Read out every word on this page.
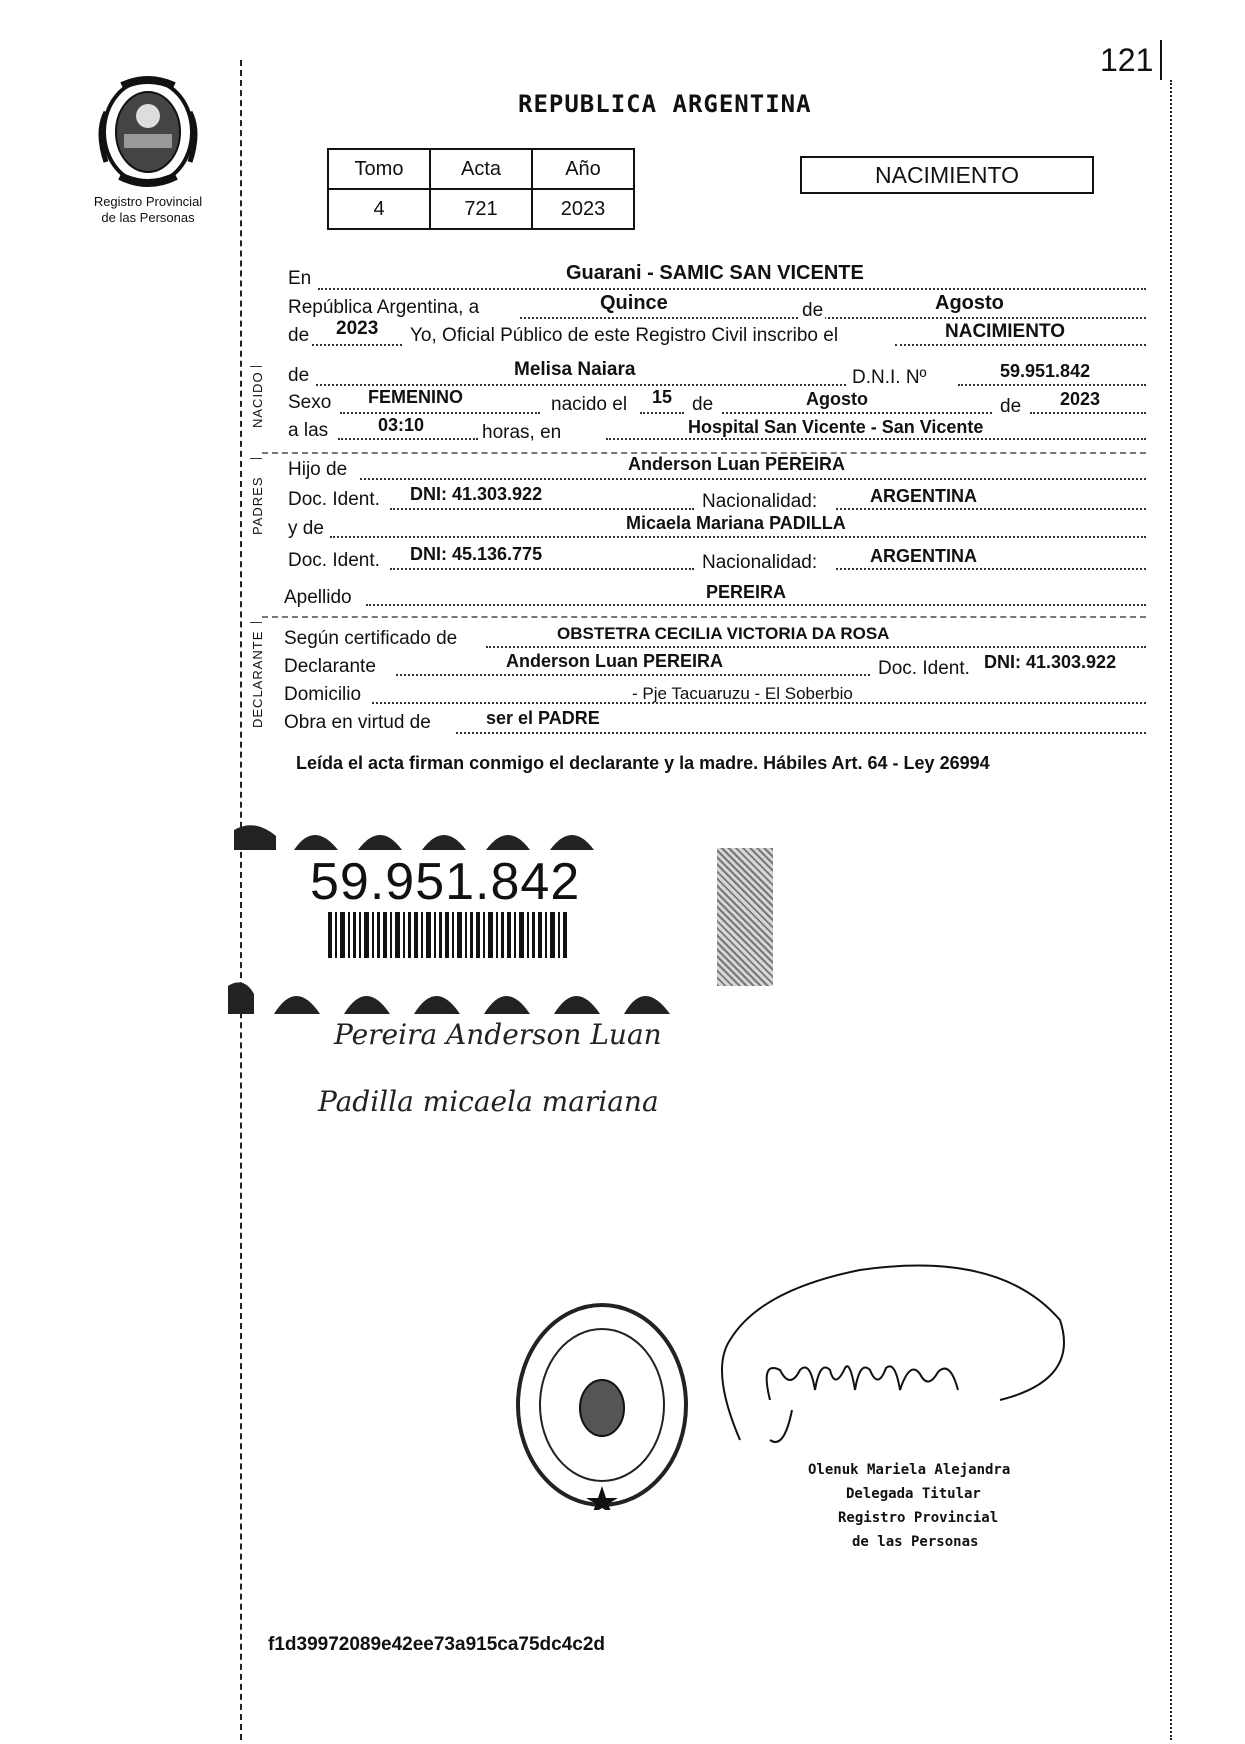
121
Registro Provincial
de las Personas
REPUBLICA ARGENTINA
Tomo	Acta	Año
4	721	2023
NACIMIENTO
NACIDO
PADRES
DECLARANTE
En	Guarani - SAMIC SAN VICENTE
República Argentina, a	Quince	de	Agosto
de 2023 Yo, Oficial Público de este Registro Civil inscribo el	NACIMIENTO
de	Melisa Naiara	D.N.I. Nº	59.951.842
Sexo FEMENINO	nacido el 15 de	Agosto	de 2023
a las	03:10	horas, en	Hospital San Vicente - San Vicente
Hijo de	Anderson Luan PEREIRA
Doc. Ident. DNI: 41.303.922	Nacionalidad:	ARGENTINA
y de	Micaela Mariana PADILLA
Doc. Ident. DNI: 45.136.775	Nacionalidad:	ARGENTINA
Apellido	PEREIRA
Según certificado de	OBSTETRA CECILIA VICTORIA DA ROSA
Declarante	Anderson Luan PEREIRA	Doc. Ident. DNI: 41.303.922
Domicilio	- Pje Tacuaruzu - El Soberbio
Obra en virtud de	ser el PADRE
Leída el acta firman conmigo el declarante y la madre. Hábiles Art. 64 - Ley 26994
59.951.842
Pereira Anderson Luan
Padilla micaela mariana
Olenuk Mariela Alejandra
Delegada Titular
Registro Provincial
de las Personas
f1d39972089e42ee73a915ca75dc4c2d
